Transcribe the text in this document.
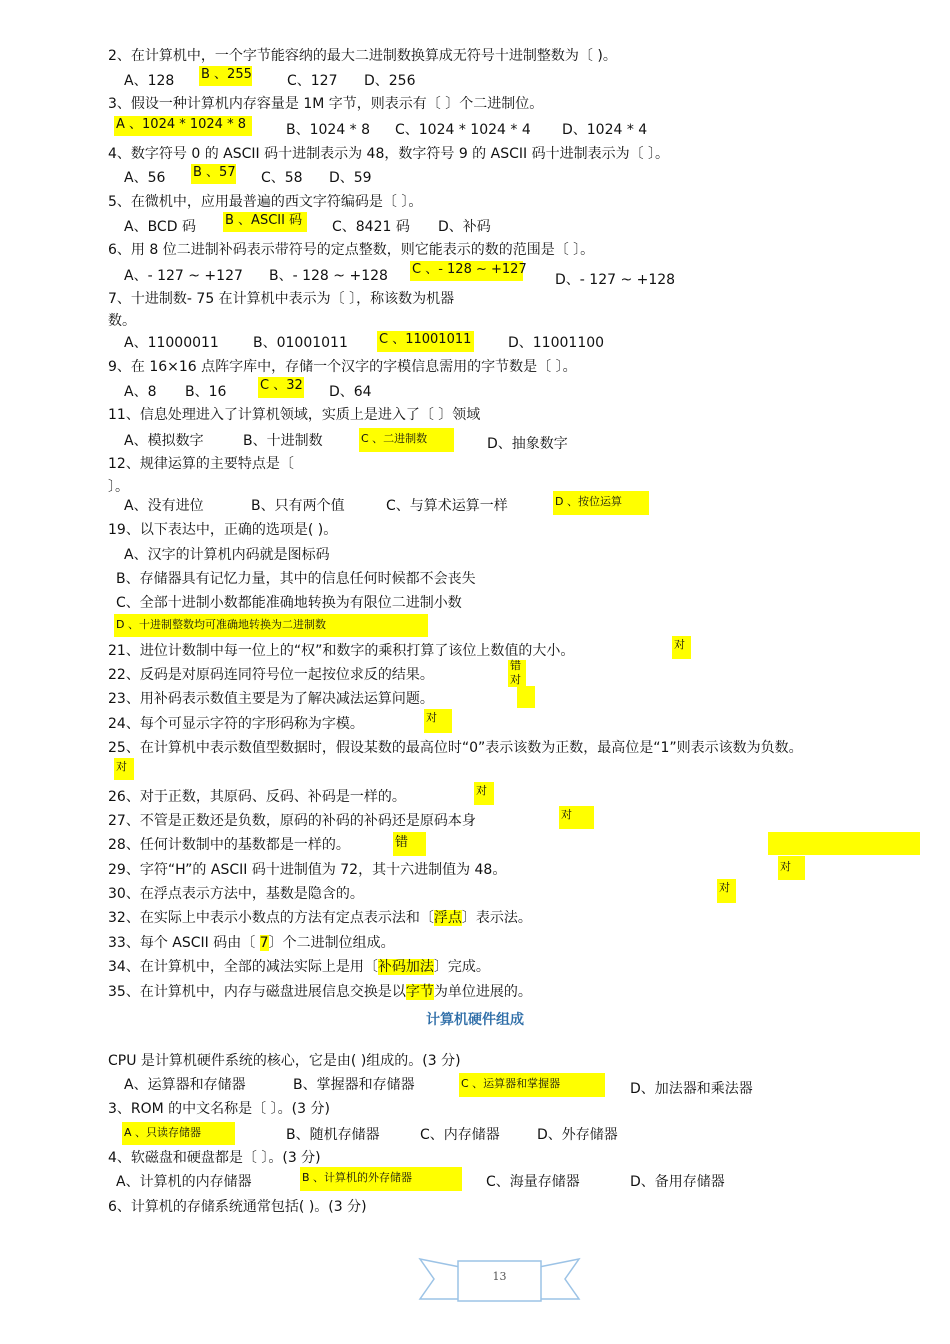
2、在计算机中，一个字节能容纳的最大二进制数换算成无符号十进制整数为〔 )。
A、128 B 、255	C、127 D、256
3、假设一种计算机内存容量是 1M 字节，则表示有〔 〕个二进制位。
A 、1024 * 1024 * 8	B、1024 * 8 C、1024 * 1024 * 4 D、1024 * 4
4、数字符号 0 的 ASCII 码十进制表示为 48，数字符号 9 的 ASCII 码十进制表示为〔 〕。
A、56 B 、57 C、58 D、59
5、在微机中，应用最普遍的西文字符编码是〔 〕。
A、BCD 码 B 、ASCII 码	C、8421 码 D、补码
6、用 8 位二进制补码表示带符号的定点整数，则它能表示的数的范围是〔 〕。
A、- 127 ~ +127 B、- 128 ~ +128 C 、- 128 ~ +127
D、- 127 ~ +128
7、十进制数- 75 在计算机中表示为〔 〕，称该数为机器
数。
A、11000011 B、01001011 C 、11001011	D、11001100
9、在 16×16 点阵字库中，存储一个汉字的字模信息需用的字节数是〔 〕。
A、8 B、16	C 、32 D、64
11、信息处理进入了计算机领域，实质上是进入了〔 〕领域
A、模拟数字	B、十进制数	C 、二进制数	D、抽象数字
12、规律运算的主要特点是〔
〕。
A、没有进位	B、只有两个值	C、与算术运算一样	D 、按位运算
19、以下表达中，正确的选项是( )。
A、汉字的计算机内码就是图标码
B、存储器具有记忆力量，其中的信息任何时候都不会丧失
C、全部十进制小数都能准确地转换为有限位二进制小数
D 、十进制整数均可准确地转换为二进制数
21、进位计数制中每一位上的“权”和数字的乘积打算了该位上数值的大小。	对
22、反码是对原码连同符号位一起按位求反的结果。
错
23、用补码表示数值主要是为了解决减法运算问题。
对
24、每个可显示字符的字形码称为字模。	对
25、在计算机中表示数值型数据时，假设某数的最高位时“0”表示该数为正数，最高位是“1”则表示该数为负数。
对
26、对于正数，其原码、反码、补码是一样的。	对
27、不管是正数还是负数，原码的补码的补码还是原码本身	对
28、任何计数制中的基数都是一样的。	错
29、字符“H”的 ASCII 码十进制值为 72，其十六进制值为 48。	对
30、在浮点表示方法中，基数是隐含的。	对
32、在实际上中表示小数点的方法有定点表示法和〔浮点〕表示法。
33、每个 ASCII 码由〔 7〕个二进制位组成。
34、在计算机中，全部的减法实际上是用〔补码加法〕完成。
35、在计算机中，内存与磁盘进展信息交换是以字节为单位进展的。
计算机硬件组成
CPU 是计算机硬件系统的核心，它是由( )组成的。(3 分)
A、运算器和存储器	B、掌握器和存储器	C 、运算器和掌握器	D、加法器和乘法器
3、ROM 的中文名称是〔 〕。(3 分)
A 、只读存储器	B、随机存储器	C、内存储器	D、外存储器
4、软磁盘和硬盘都是〔 〕。(3 分)
A、计算机的内存储器	B 、计算机的外存储器	C、海量存储器	D、备用存储器
6、计算机的存储系统通常包括( )。(3 分)
13
